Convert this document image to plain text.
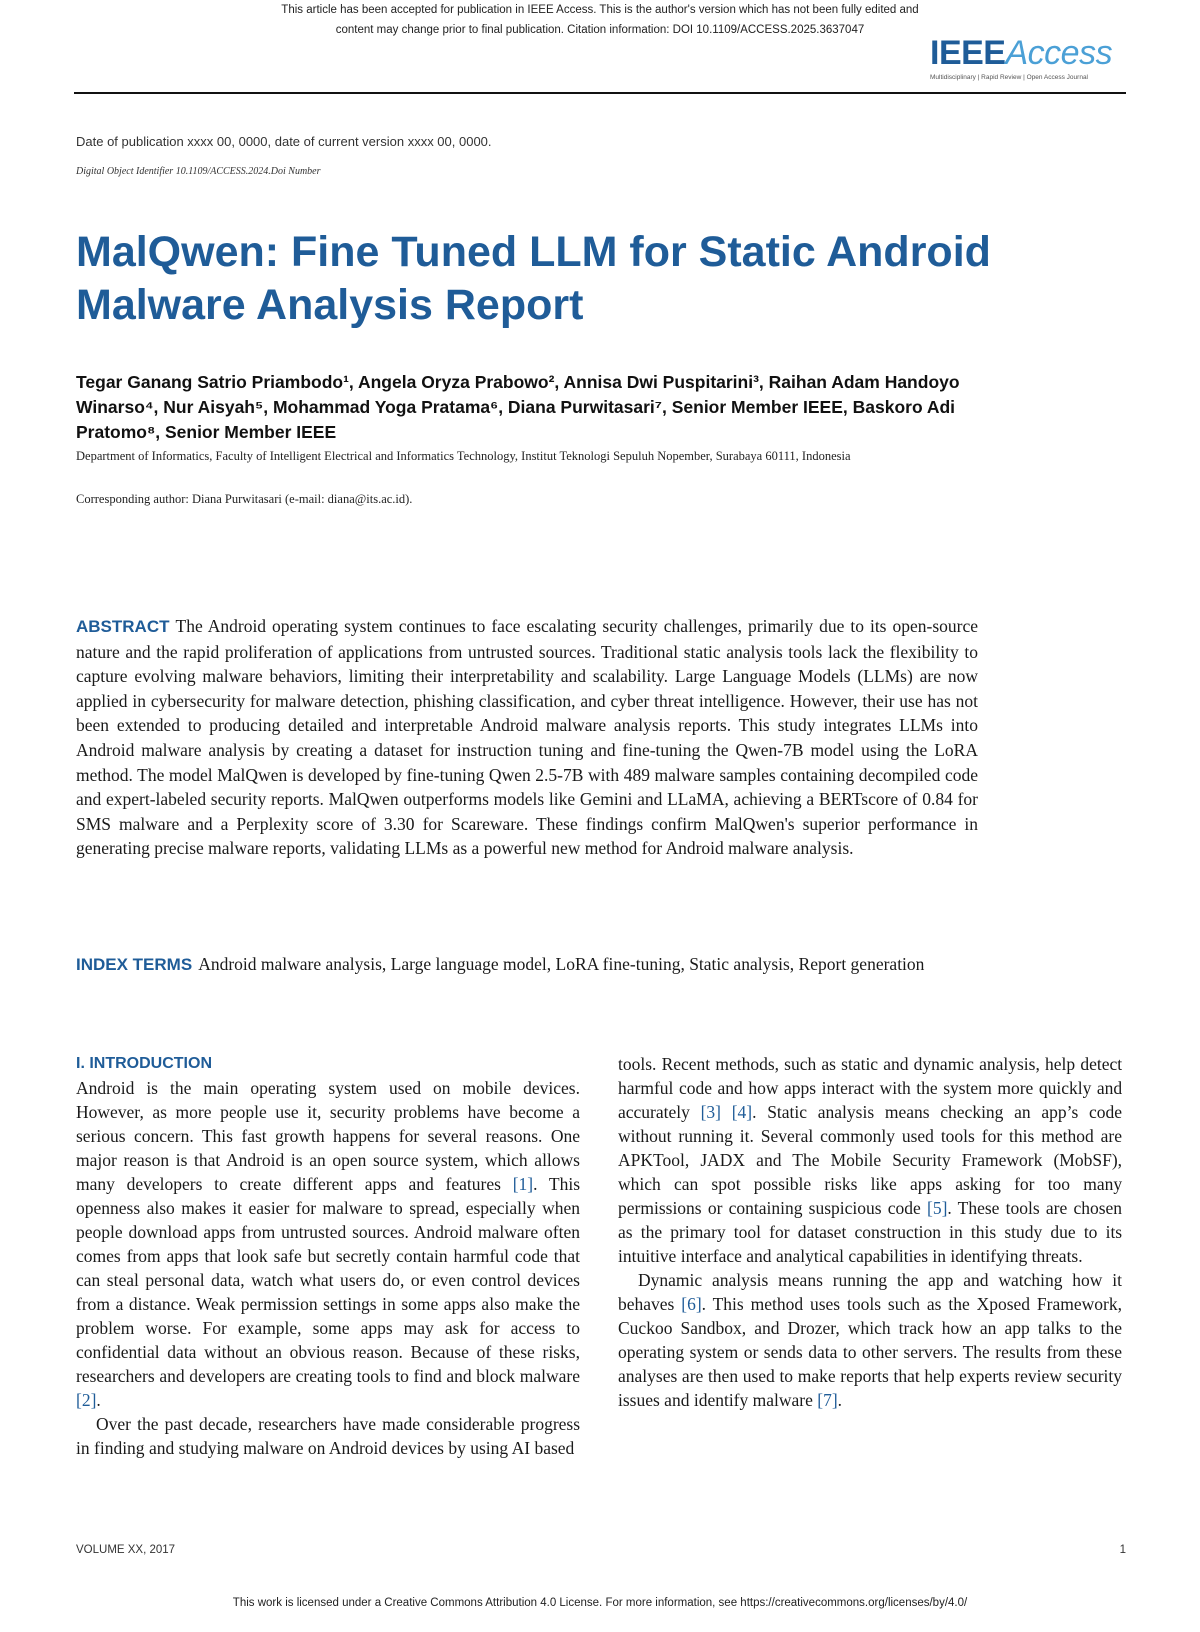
This article has been accepted for publication in IEEE Access. This is the author's version which has not been fully edited and
content may change prior to final publication. Citation information: DOI 10.1109/ACCESS.2025.3637047
IEEEAccess
Multidisciplinary | Rapid Review | Open Access Journal
Date of publication xxxx 00, 0000, date of current version xxxx 00, 0000.
Digital Object Identifier 10.1109/ACCESS.2024.Doi Number
MalQwen: Fine Tuned LLM for Static Android Malware Analysis Report
Tegar Ganang Satrio Priambodo¹, Angela Oryza Prabowo², Annisa Dwi Puspitarini³, Raihan Adam Handoyo Winarso⁴, Nur Aisyah⁵, Mohammad Yoga Pratama⁶, Diana Purwitasari⁷, Senior Member IEEE, Baskoro Adi Pratomo⁸, Senior Member IEEE
Department of Informatics, Faculty of Intelligent Electrical and Informatics Technology, Institut Teknologi Sepuluh Nopember, Surabaya 60111, Indonesia
Corresponding author: Diana Purwitasari (e-mail: diana@its.ac.id).

ABSTRACT The Android operating system continues to face escalating security challenges, primarily due to its open-source nature and the rapid proliferation of applications from untrusted sources. Traditional static analysis tools lack the flexibility to capture evolving malware behaviors, limiting their interpretability and scalability. Large Language Models (LLMs) are now applied in cybersecurity for malware detection, phishing classification, and cyber threat intelligence. However, their use has not been extended to producing detailed and interpretable Android malware analysis reports. This study integrates LLMs into Android malware analysis by creating a dataset for instruction tuning and fine-tuning the Qwen-7B model using the LoRA method. The model MalQwen is developed by fine-tuning Qwen 2.5-7B with 489 malware samples containing decompiled code and expert-labeled security reports. MalQwen outperforms models like Gemini and LLaMA, achieving a BERTscore of 0.84 for SMS malware and a Perplexity score of 3.30 for Scareware. These findings confirm MalQwen's superior performance in generating precise malware reports, validating LLMs as a powerful new method for Android malware analysis.

INDEX TERMS Android malware analysis, Large language model, LoRA fine-tuning, Static analysis, Report generation

I. INTRODUCTION

Android is the main operating system used on mobile devices. However, as more people use it, security problems have become a serious concern. This fast growth happens for several reasons. One major reason is that Android is an open source system, which allows many developers to create different apps and features [1]. This openness also makes it easier for malware to spread, especially when people download apps from untrusted sources. Android malware often comes from apps that look safe but secretly contain harmful code that can steal personal data, watch what users do, or even control devices from a distance. Weak permission settings in some apps also make the problem worse. For example, some apps may ask for access to confidential data without an obvious reason. Because of these risks, researchers and developers are creating tools to find and block malware [2].

Over the past decade, researchers have made considerable progress in finding and studying malware on Android devices by using AI based

tools. Recent methods, such as static and dynamic analysis, help detect harmful code and how apps interact with the system more quickly and accurately [3] [4]. Static analysis means checking an app’s code without running it. Several commonly used tools for this method are APKTool, JADX and The Mobile Security Framework (MobSF), which can spot possible risks like apps asking for too many permissions or containing suspicious code [5]. These tools are chosen as the primary tool for dataset construction in this study due to its intuitive interface and analytical capabilities in identifying threats.

Dynamic analysis means running the app and watching how it behaves [6]. This method uses tools such as the Xposed Framework, Cuckoo Sandbox, and Drozer, which track how an app talks to the operating system or sends data to other servers. The results from these analyses are then used to make reports that help experts review security issues and identify malware [7].

VOLUME XX, 2017	1
This work is licensed under a Creative Commons Attribution 4.0 License. For more information, see https://creativecommons.org/licenses/by/4.0/
